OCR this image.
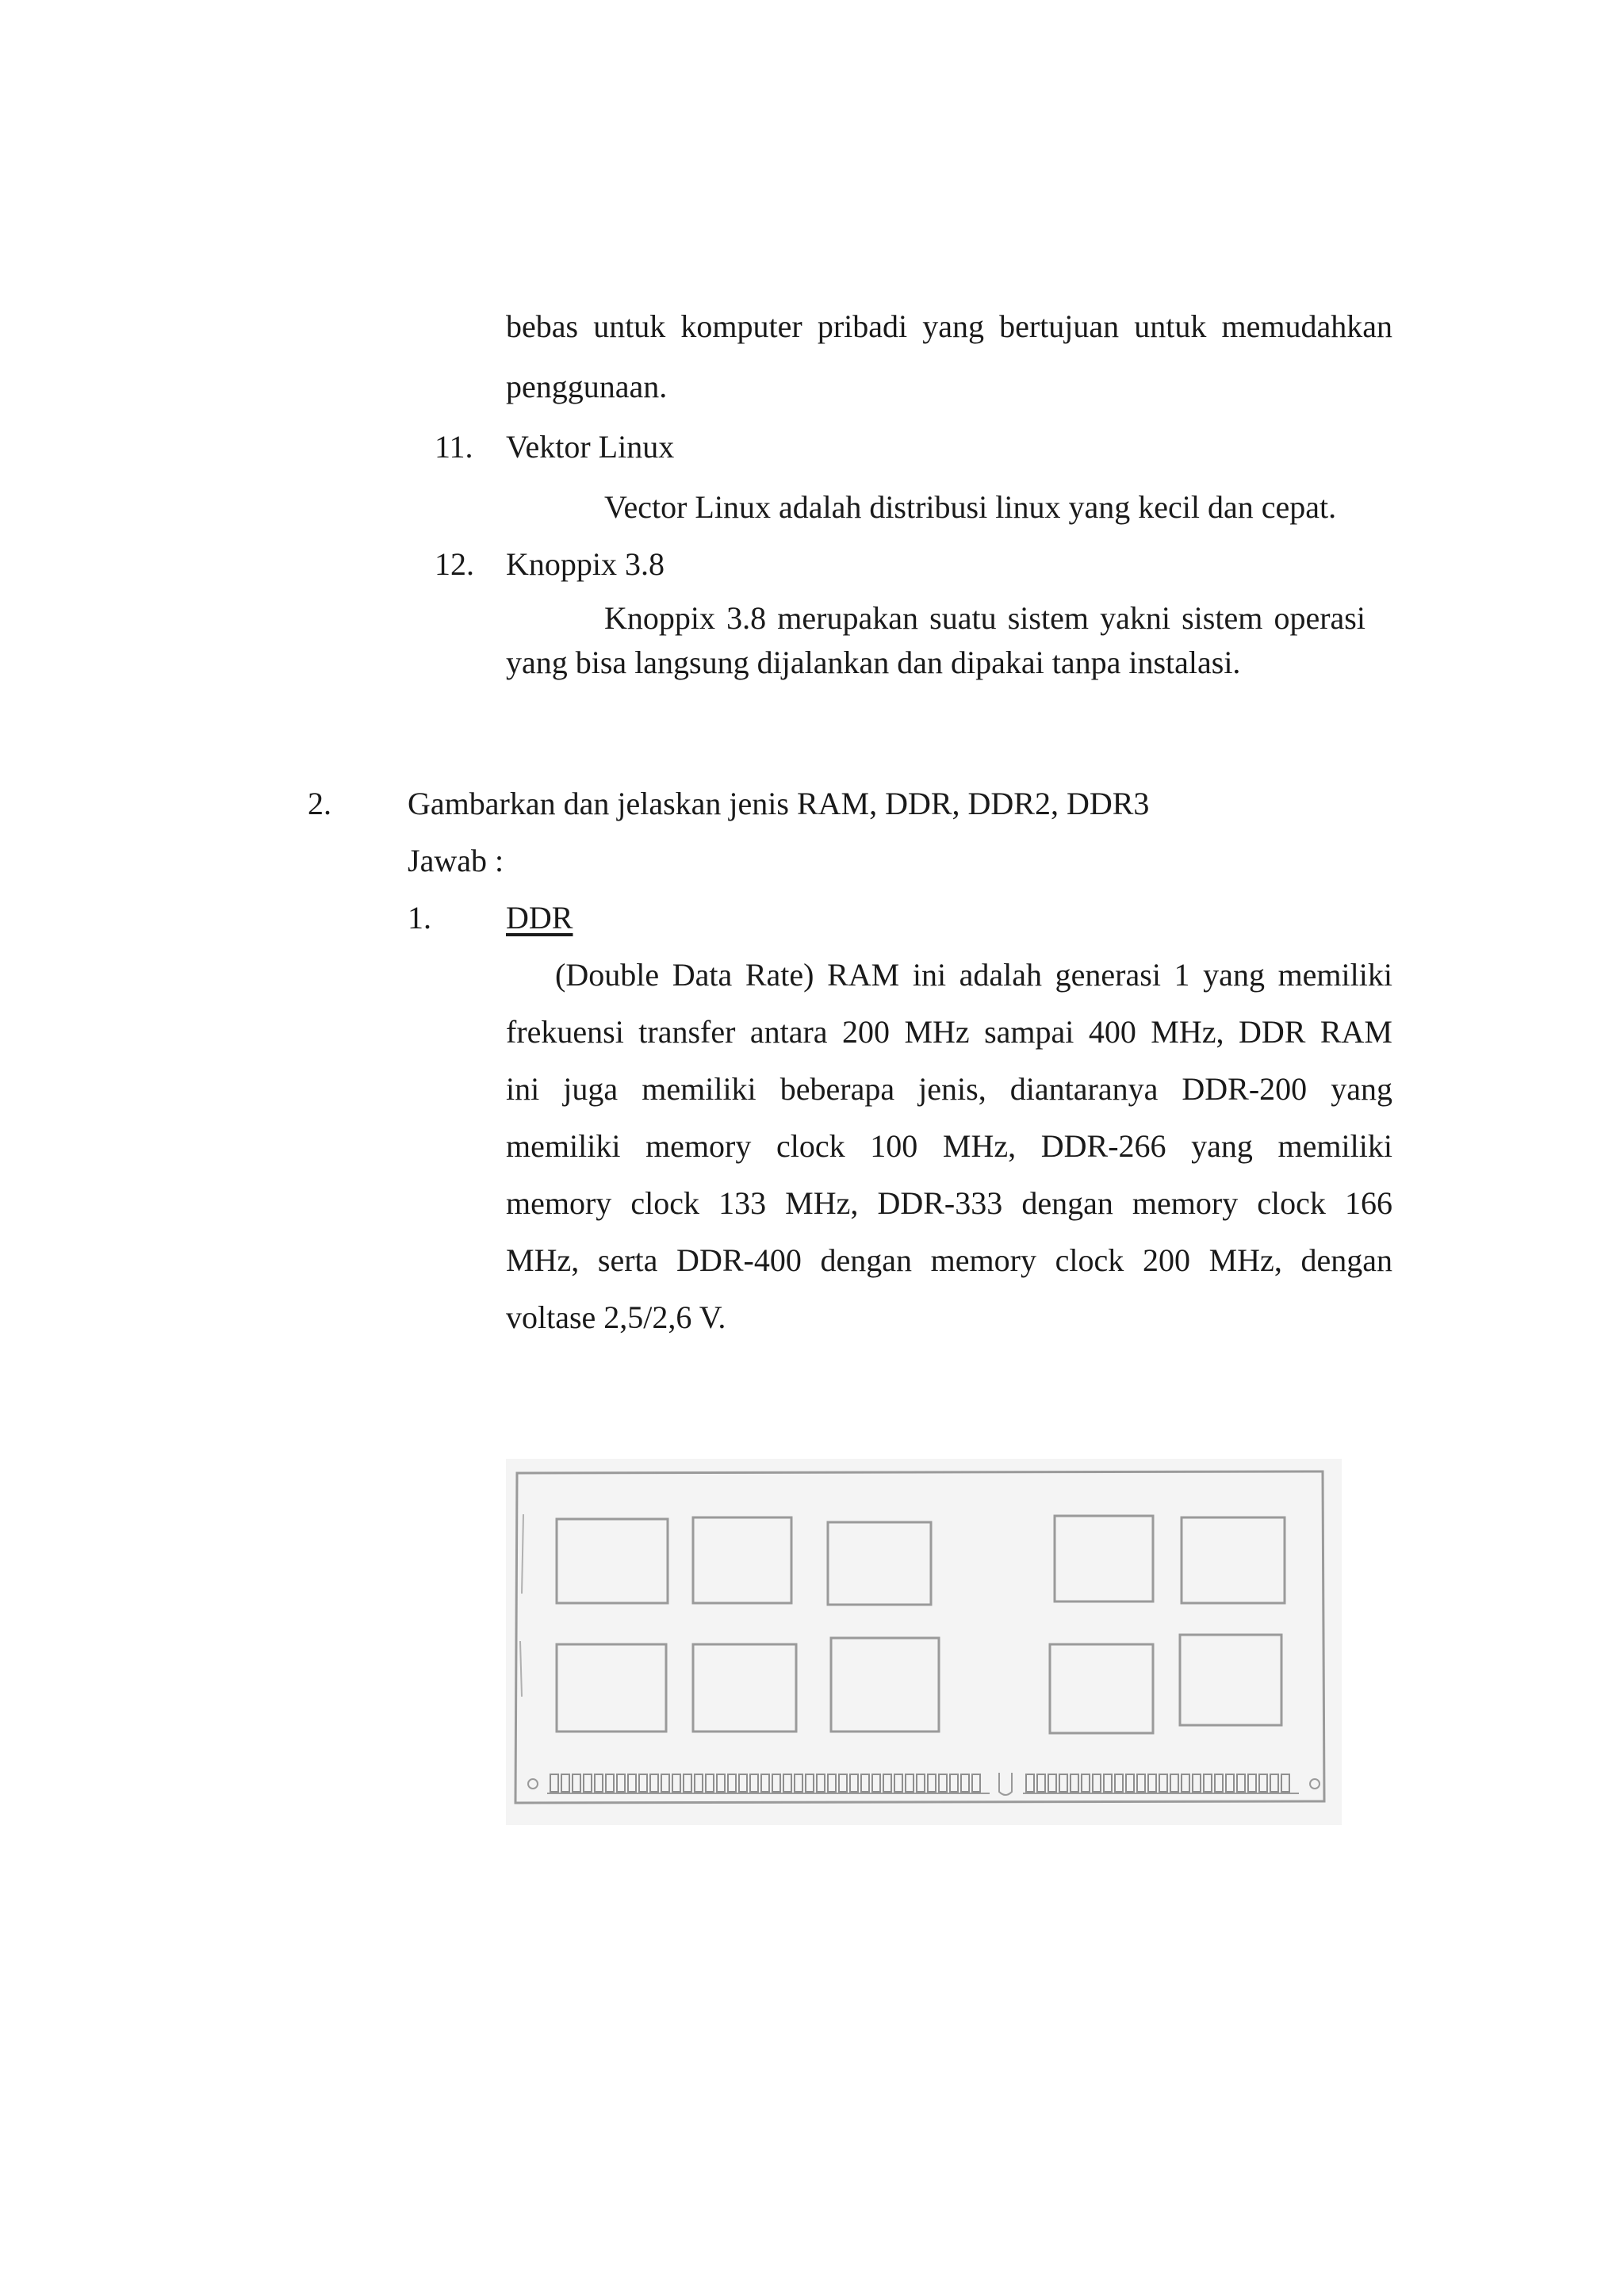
bebas untuk komputer pribadi yang bertujuan untuk memudahkan
penggunaan.
11. Vektor Linux
Vector Linux adalah distribusi linux yang kecil dan cepat.
12. Knoppix 3.8
Knoppix 3.8 merupakan suatu sistem yakni sistem operasi
yang bisa langsung dijalankan dan dipakai tanpa instalasi.
2. Gambarkan dan jelaskan jenis RAM, DDR, DDR2, DDR3
Jawab :
1. DDR
(Double Data Rate) RAM ini adalah generasi 1 yang memiliki
frekuensi transfer antara 200 MHz sampai 400 MHz, DDR RAM
ini juga memiliki beberapa jenis, diantaranya DDR-200 yang
memiliki memory clock 100 MHz, DDR-266 yang memiliki
memory clock 133 MHz, DDR-333 dengan memory clock 166
MHz, serta DDR-400 dengan memory clock 200 MHz, dengan
voltase 2,5/2,6 V.
